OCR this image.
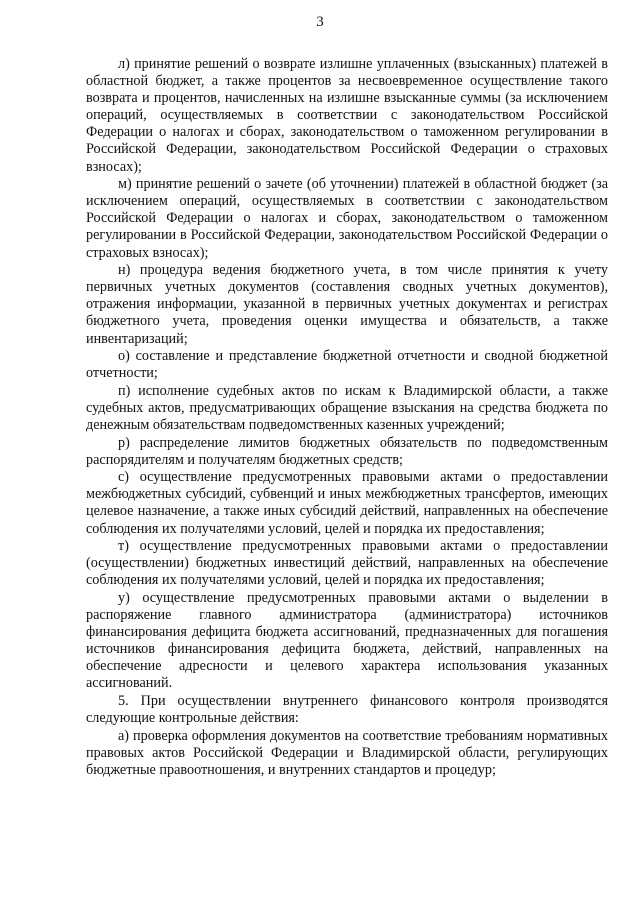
3

л) принятие решений о возврате излишне уплаченных (взысканных) платежей в областной бюджет, а также процентов за несвоевременное осуществление такого возврата и процентов, начисленных на излишне взысканные суммы (за исключением операций, осуществляемых в соответствии с законодательством Российской Федерации о налогах и сборах, законодательством о таможенном регулировании в Российской Федерации, законодательством Российской Федерации о страховых взносах);

м) принятие решений о зачете (об уточнении) платежей в областной бюджет (за исключением операций, осуществляемых в соответствии с законодательством Российской Федерации о налогах и сборах, законодательством о таможенном регулировании в Российской Федерации, законодательством Российской Федерации о страховых взносах);

н) процедура ведения бюджетного учета, в том числе принятия к учету первичных учетных документов (составления сводных учетных документов), отражения информации, указанной в первичных учетных документах и регистрах бюджетного учета, проведения оценки имущества и обязательств, а также инвентаризаций;

о) составление и представление бюджетной отчетности и сводной бюджетной отчетности;

п) исполнение судебных актов по искам к Владимирской области, а также судебных актов, предусматривающих обращение взыскания на средства бюджета по денежным обязательствам подведомственных казенных учреждений;

р) распределение лимитов бюджетных обязательств по подведомственным распорядителям и получателям бюджетных средств;

с) осуществление предусмотренных правовыми актами о предоставлении межбюджетных субсидий, субвенций и иных межбюджетных трансфертов, имеющих целевое назначение, а также иных субсидий действий, направленных на обеспечение соблюдения их получателями условий, целей и порядка их предоставления;

т) осуществление предусмотренных правовыми актами о предоставлении (осуществлении) бюджетных инвестиций действий, направленных на обеспечение соблюдения их получателями условий, целей и порядка их предоставления;

у) осуществление предусмотренных правовыми актами о выделении в распоряжение главного администратора (администратора) источников финансирования дефицита бюджета ассигнований, предназначенных для погашения источников финансирования дефицита бюджета, действий, направленных на обеспечение адресности и целевого характера использования указанных ассигнований.

5. При осуществлении внутреннего финансового контроля производятся следующие контрольные действия:

а) проверка оформления документов на соответствие требованиям нормативных правовых актов Российской Федерации и Владимирской области, регулирующих бюджетные правоотношения, и внутренних стандартов и процедур;
